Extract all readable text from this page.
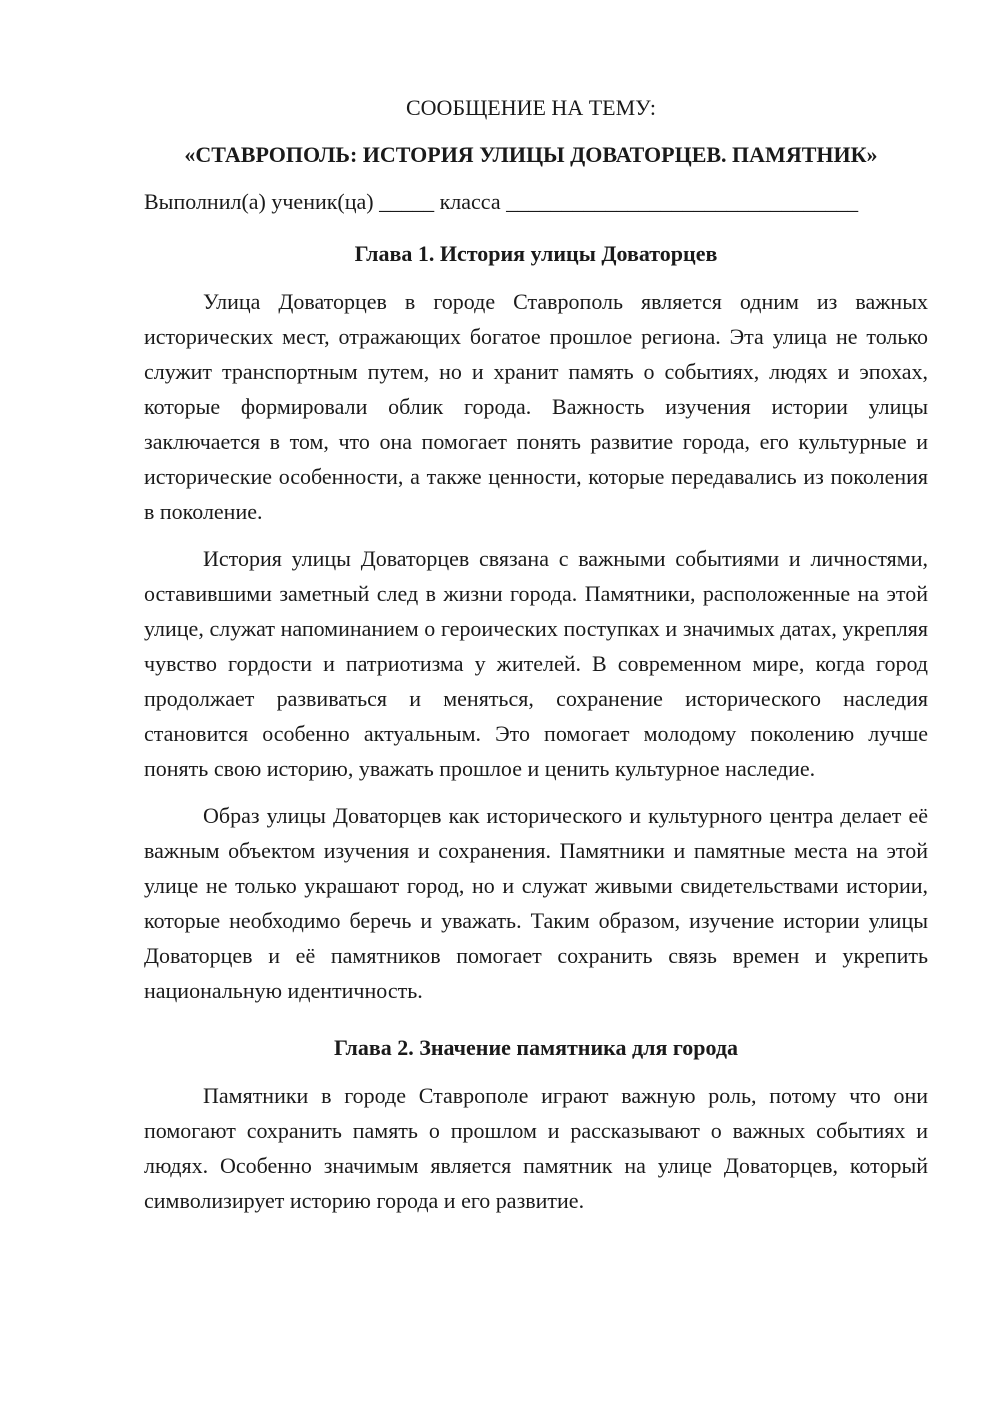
СООБЩЕНИЕ НА ТЕМУ:
«СТАВРОПОЛЬ: ИСТОРИЯ УЛИЦЫ ДОВАТОРЦЕВ. ПАМЯТНИК»
Выполнил(а) ученик(ца) _____ класса ________________________________
Глава 1. История улицы Доваторцев

Улица Доваторцев в городе Ставрополь является одним из важных исторических мест, отражающих богатое прошлое региона. Эта улица не только служит транспортным путем, но и хранит память о событиях, людях и эпохах, которые формировали облик города. Важность изучения истории улицы заключается в том, что она помогает понять развитие города, его культурные и исторические особенности, а также ценности, которые передавались из поколения в поколение.

История улицы Доваторцев связана с важными событиями и личностями, оставившими заметный след в жизни города. Памятники, расположенные на этой улице, служат напоминанием о героических поступках и значимых датах, укрепляя чувство гордости и патриотизма у жителей. В современном мире, когда город продолжает развиваться и меняться, сохранение исторического наследия становится особенно актуальным. Это помогает молодому поколению лучше понять свою историю, уважать прошлое и ценить культурное наследие.

Образ улицы Доваторцев как исторического и культурного центра делает её важным объектом изучения и сохранения. Памятники и памятные места на этой улице не только украшают город, но и служат живыми свидетельствами истории, которые необходимо беречь и уважать. Таким образом, изучение истории улицы Доваторцев и её памятников помогает сохранить связь времен и укрепить национальную идентичность.

Глава 2. Значение памятника для города

Памятники в городе Ставрополе играют важную роль, потому что они помогают сохранить память о прошлом и рассказывают о важных событиях и людях. Особенно значимым является памятник на улице Доваторцев, который символизирует историю города и его развитие.
